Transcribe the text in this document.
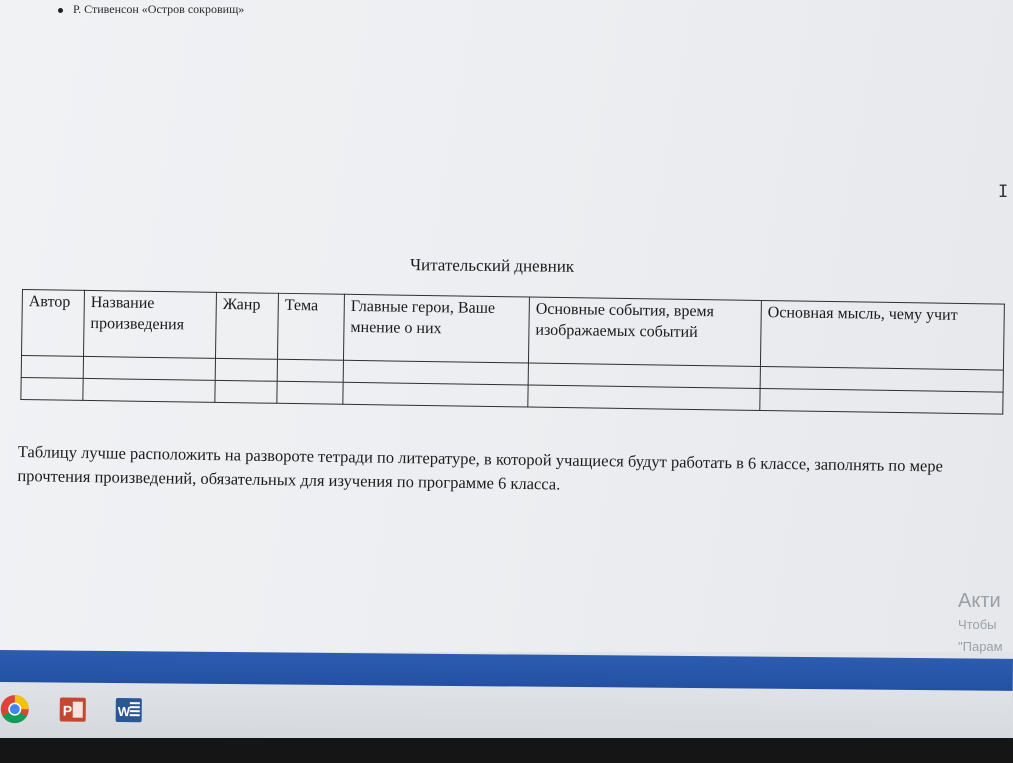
Р. Стивенсон «Остров сокровищ»
I
Читательский дневник
Автор	Название произведения	Жанр	Тема	Главные герои, Ваше мнение о них	Основные события, время изображаемых событий	Основная мысль, чему учит

Таблицу лучше расположить на развороте тетради по литературе, в которой учащиеся будут работать в 6 классе, заполнять по мере прочтения произведений, обязательных для изучения по программе 6 класса.
Акти
Чтобы
"Парам
P	W
